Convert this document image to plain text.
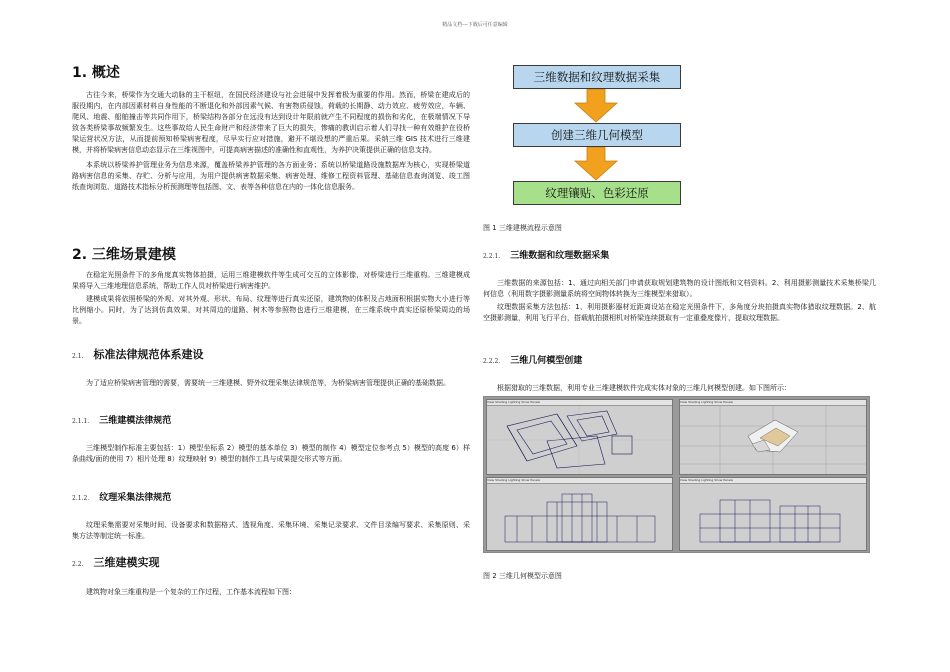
精品文档---下载后可任意编辑
1. 概述

古往今来，桥梁作为交通大动脉的主干枢纽，在国民经济建设与社会进展中发挥着极为重要的作用。然而，桥梁在建成后的服役期内，在内部因素材料自身性能的不断退化和外部因素气候、有害物质侵蚀，荷载的长期静、动力效应、疲劳效应，车辆、爬风、地震、船舶撞击等共同作用下，桥梁结构各部分在远没有达到设计年限前就产生不同程度的损伤和劣化，在极端情况下导致各类桥梁事故频繁发生。这些事故给人民生命财产和经济带来了巨大的损失，惨痛的教训启示着人们寻找一种有效维护在役桥梁运营状况方法，从而提前预知桥梁病害程度，尽早实行应对措施，避开不堪设想的严重后果。采纳三维 GIS 技术进行三维建模，并将桥梁病害信息动态显示在三维视图中，可提高病害描述的准确性和直观性，为养护决策提供正确的信息支持。

本系统以桥梁养护管理业务为信息来源，覆盖桥梁养护管理的各方面业务；系统以桥梁道路设施数据库为核心，实现桥梁道路病害信息的采集、存贮、分析与应用，为用户提供病害数据采集、病害处理、维修工程资料管理、基础信息查询浏览、竣工图纸查询浏览、道路技术指标分析预测理等包括图、文、表等各种信息在内的一体化信息服务。

2. 三维场景建模

在稳定光照条件下的多角度真实物体拍摄，运用三维建模软件等生成可交互的立体影像，对桥梁进行三维重构。三维建模成果将导入三维地理信息系统，帮助工作人员对桥梁进行病害维护。

建模成果将依照桥梁的外观、对其外观、形状、布局、纹理等进行真实还原，建筑物的体积及占地面积根据实物大小进行等比例缩小。同时，为了达到仿真效果，对其周边的道路、树木等参照物也进行三维建模，在三维系统中真实还原桥梁周边的场景。

2.1. 标准法律规范体系建设

为了适应桥梁病害管理的需要，需要统一三维建模、野外纹理采集法律规范等，为桥梁病害管理提供正确的基础数据。

2.1.1. 三维建模法律规范

三维模型制作标准主要包括：1）模型坐标系 2）模型的基本单位 3）模型的制作 4）模型定位参考点 5）模型的高度 6）样条曲线/面的使用 7）相片处理 8）纹理映射 9）模型的制作工具与成果提交形式等方面。

2.1.2. 纹理采集法律规范

纹理采集需要对采集时间、设备要求和数据格式、透视角度、采集环境、采集记录要求、文件目录编写要求、采集原则、采集方法等制定统一标准。

2.2. 三维建模实现

建筑物对象三维重构是一个复杂的工作过程，工作基本流程如下图：

三维数据和纹理数据采集
创建三维几何模型
纹理镶贴、色彩还原
图 1 三维建模流程示意图
2.2.1. 三维数据和纹理数据采集

三维数据的来源包括：1、通过向相关部门申请获取规划建筑物的设计图纸和文档资料。2、利用摄影测量技术采集桥梁几何信息（利用数字摄影测量系统将空间物体转换为三维模型来猎取）。

纹理数据采集方法包括：1、利用摄影器材近距离设站在稳定光照条件下，多角度分块拍摄真实物体猎取纹理数据。2、航空摄影测量，利用飞行平台，搭载航拍摄相机对桥梁连续摄取有一定重叠度像片，提取纹理数据。

2.2.2. 三维几何模型创建

根据猎取的三维数据，利用专业三维建模软件完成实体对象的三维几何模型创建。如下图所示：

View Shading Lighting Show Panels	View Shading Lighting Show Panels
View Shading Lighting Show Panels	View Shading Lighting Show Panels
图 2 三维几何模型示意图
